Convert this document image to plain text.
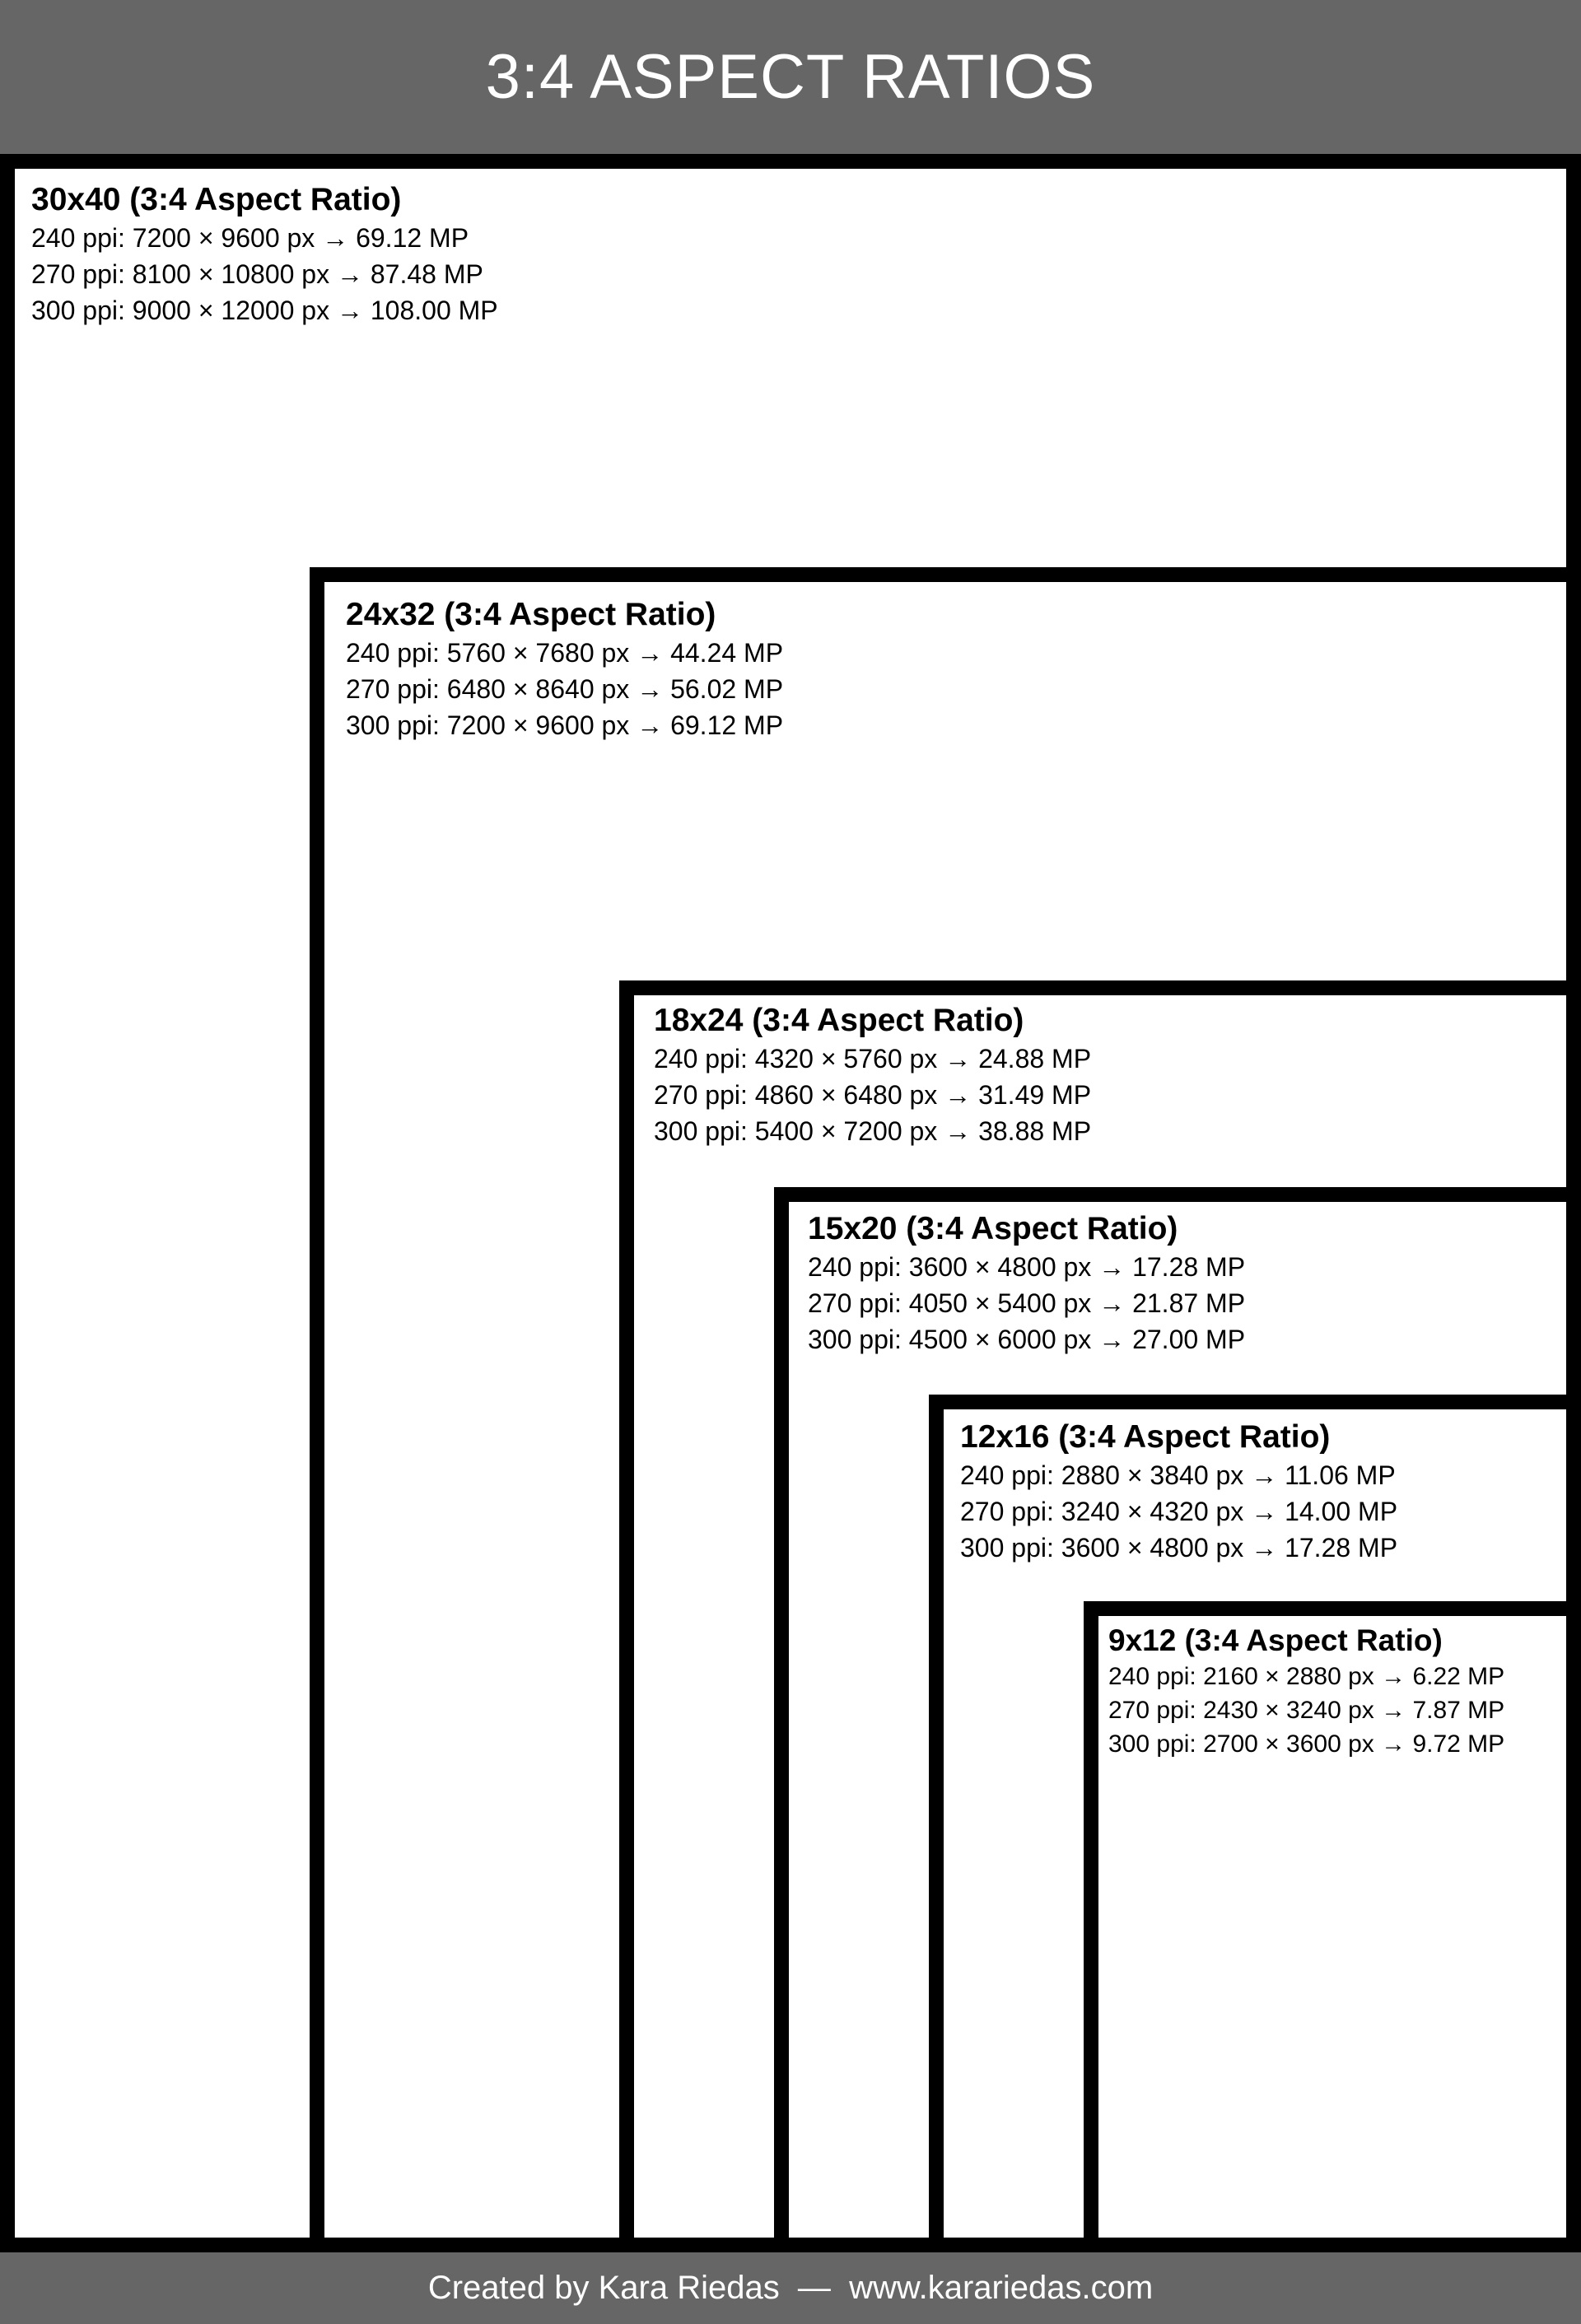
3:4 ASPECT RATIOS
30x40 (3:4 Aspect Ratio)
240 ppi: 7200 × 9600 px → 69.12 MP
270 ppi: 8100 × 10800 px → 87.48 MP
300 ppi: 9000 × 12000 px → 108.00 MP
24x32 (3:4 Aspect Ratio)
240 ppi: 5760 × 7680 px → 44.24 MP
270 ppi: 6480 × 8640 px → 56.02 MP
300 ppi: 7200 × 9600 px → 69.12 MP
18x24 (3:4 Aspect Ratio)
240 ppi: 4320 × 5760 px → 24.88 MP
270 ppi: 4860 × 6480 px → 31.49 MP
300 ppi: 5400 × 7200 px → 38.88 MP
15x20 (3:4 Aspect Ratio)
240 ppi: 3600 × 4800 px → 17.28 MP
270 ppi: 4050 × 5400 px → 21.87 MP
300 ppi: 4500 × 6000 px → 27.00 MP
12x16 (3:4 Aspect Ratio)
240 ppi: 2880 × 3840 px → 11.06 MP
270 ppi: 3240 × 4320 px → 14.00 MP
300 ppi: 3600 × 4800 px → 17.28 MP
9x12 (3:4 Aspect Ratio)
240 ppi: 2160 × 2880 px → 6.22 MP
270 ppi: 2430 × 3240 px → 7.87 MP
300 ppi: 2700 × 3600 px → 9.72 MP
Created by Kara Riedas  —  www.karariedas.com
